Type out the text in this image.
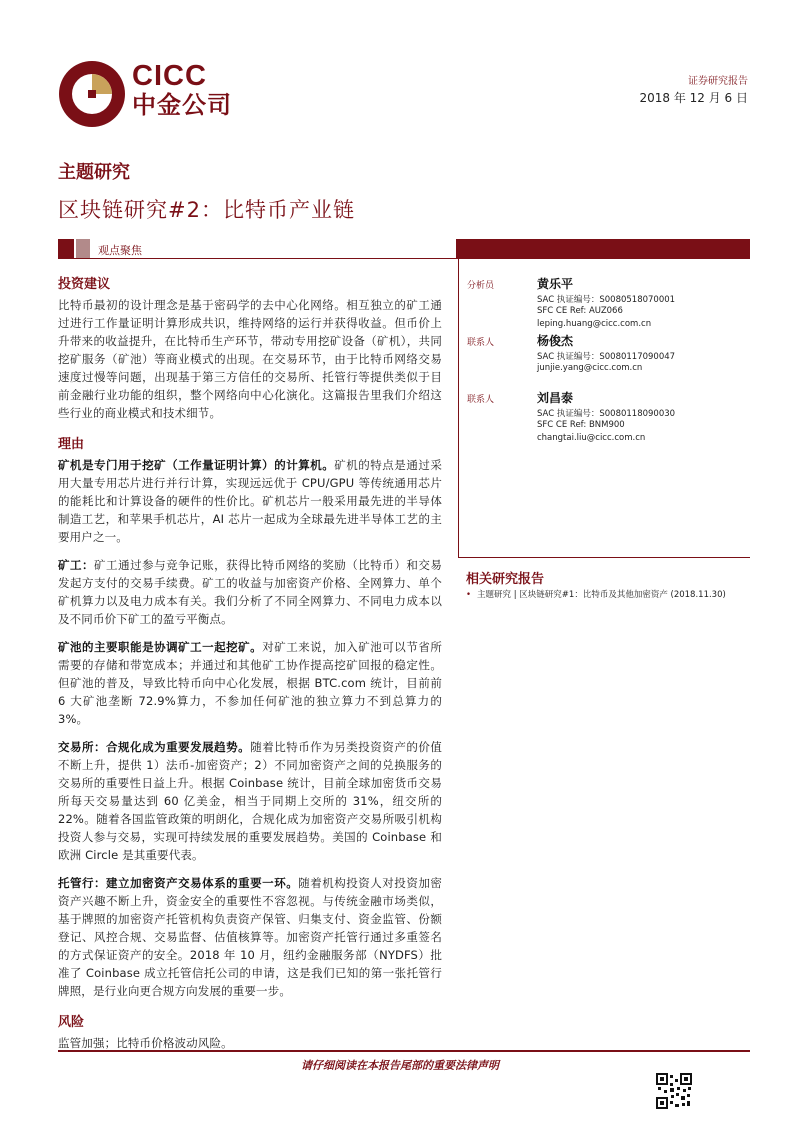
CICC
中金公司
证券研究报告
2018 年 12 月 6 日
主题研究
区块链研究#2：比特币产业链
观点聚焦
投资建议
比特币最初的设计理念是基于密码学的去中心化网络。相互独立的矿工通过进行工作量证明计算形成共识，维持网络的运行并获得收益。但币价上升带来的收益提升，在比特币生产环节，带动专用挖矿设备（矿机），共同挖矿服务（矿池）等商业模式的出现。在交易环节，由于比特币网络交易速度过慢等问题，出现基于第三方信任的交易所、托管行等提供类似于目前金融行业功能的组织，整个网络向中心化演化。这篇报告里我们介绍这些行业的商业模式和技术细节。
理由
矿机是专门用于挖矿（工作量证明计算）的计算机。矿机的特点是通过采用大量专用芯片进行并行计算，实现远远优于 CPU/GPU 等传统通用芯片的能耗比和计算设备的硬件的性价比。矿机芯片一般采用最先进的半导体制造工艺，和苹果手机芯片，AI 芯片一起成为全球最先进半导体工艺的主要用户之一。
矿工：矿工通过参与竞争记账，获得比特币网络的奖励（比特币）和交易发起方支付的交易手续费。矿工的收益与加密资产价格、全网算力、单个矿机算力以及电力成本有关。我们分析了不同全网算力、不同电力成本以及不同币价下矿工的盈亏平衡点。
矿池的主要职能是协调矿工一起挖矿。对矿工来说，加入矿池可以节省所需要的存储和带宽成本；并通过和其他矿工协作提高挖矿回报的稳定性。但矿池的普及，导致比特币向中心化发展，根据 BTC.com 统计，目前前 6 大矿池垄断 72.9%算力，不参加任何矿池的独立算力不到总算力的 3%。
交易所：合规化成为重要发展趋势。随着比特币作为另类投资资产的价值不断上升，提供 1）法币-加密资产；2）不同加密资产之间的兑换服务的交易所的重要性日益上升。根据 Coinbase 统计，目前全球加密货币交易所每天交易量达到 60 亿美金，相当于同期上交所的 31%，纽交所的 22%。随着各国监管政策的明朗化，合规化成为加密资产交易所吸引机构投资人参与交易，实现可持续发展的重要发展趋势。美国的 Coinbase 和欧洲 Circle 是其重要代表。
托管行：建立加密资产交易体系的重要一环。随着机构投资人对投资加密资产兴趣不断上升，资金安全的重要性不容忽视。与传统金融市场类似，基于牌照的加密资产托管机构负责资产保管、归集支付、资金监管、份额登记、风控合规、交易监督、估值核算等。加密资产托管行通过多重签名的方式保证资产的安全。2018 年 10 月，纽约金融服务部（NYDFS）批准了 Coinbase 成立托管信托公司的申请，这是我们已知的第一张托管行牌照，是行业向更合规方向发展的重要一步。
风险
监管加强；比特币价格波动风险。
分析员	黄乐平
SAC 执证编号：S0080518070001
SFC CE Ref: AUZ066
leping.huang@cicc.com.cn
联系人	杨俊杰
SAC 执证编号：S0080117090047
junjie.yang@cicc.com.cn
联系人	刘昌泰
SAC 执证编号：S0080118090030
SFC CE Ref: BNM900
changtai.liu@cicc.com.cn
相关研究报告
• 主题研究 | 区块链研究#1：比特币及其他加密资产 (2018.11.30)
请仔细阅读在本报告尾部的重要法律声明
